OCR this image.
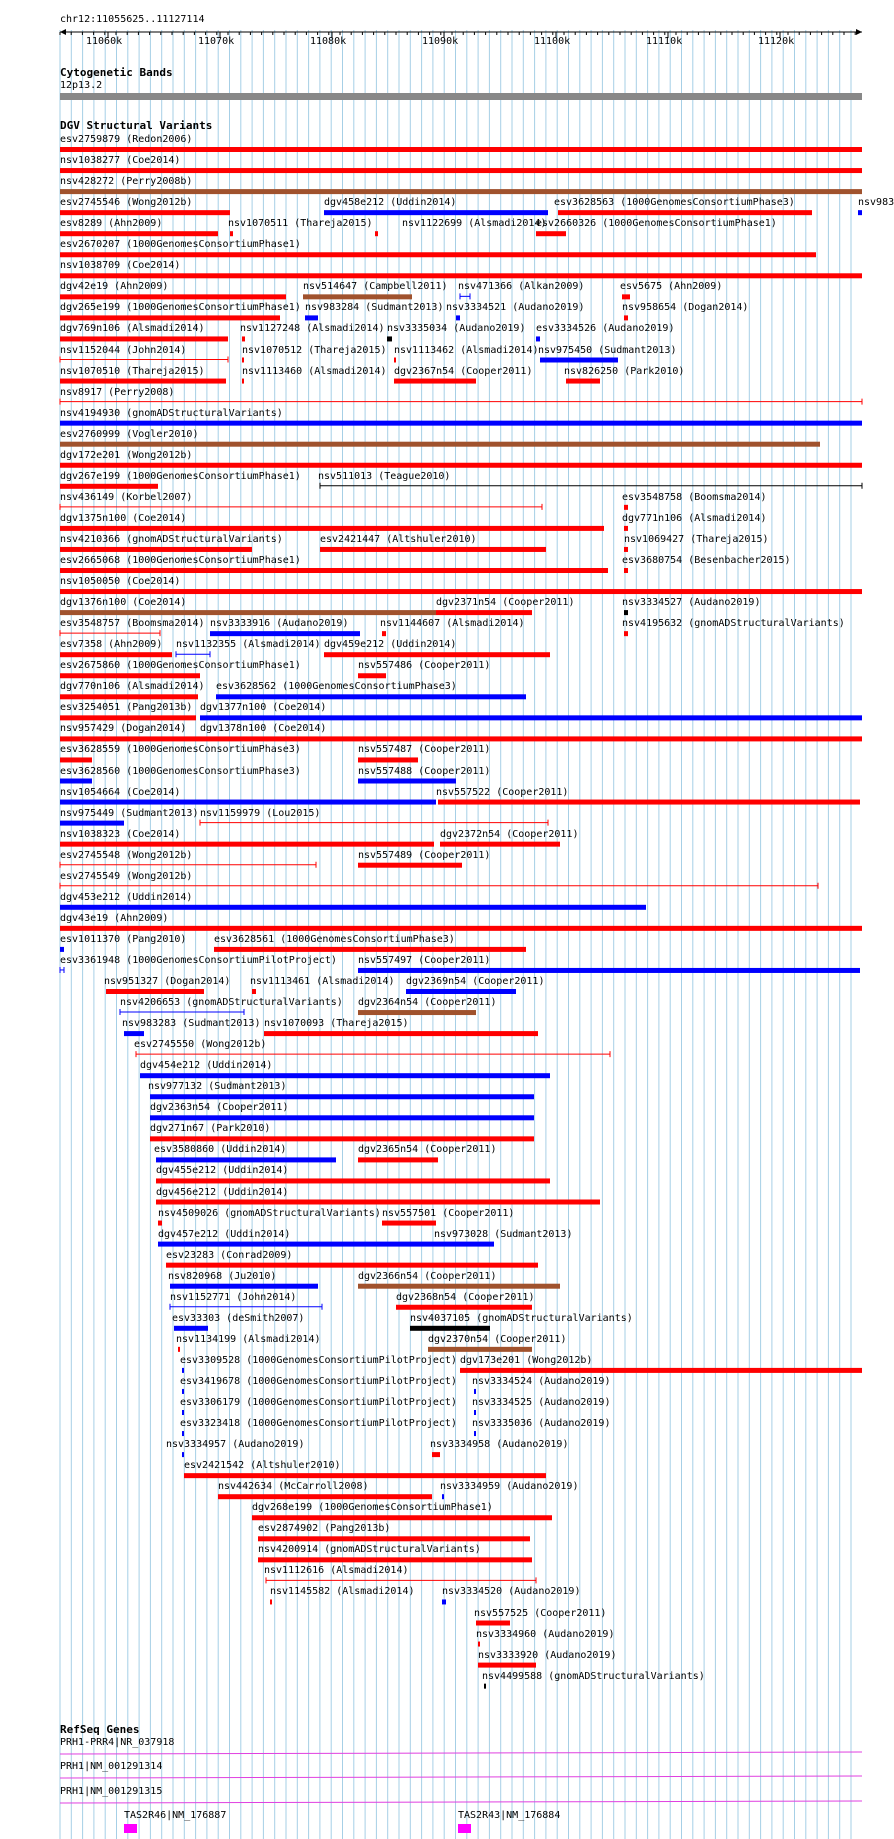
chr12:11055625..11127114
11060k	11070k	11080k	11090k	11100k	11110k	11120k
Cytogenetic Bands
12p13.2
DGV Structural Variants
esv2759879 (Redon2006)
nsv1038277 (Coe2014)
nsv428272 (Perry2008b)
esv2745546 (Wong2012b)	dgv458e212 (Uddin2014)	esv3628563 (1000GenomesConsortiumPhase3)	nsv983
esv8289 (Ahn2009)	nsv1070511 (Thareja2015)	nsv1122699 (Alsmadi2014)
esv2660326 (1000GenomesConsortiumPhase1)
esv2670207 (1000GenomesConsortiumPhase1)
nsv1038709 (Coe2014)
dgv42e19 (Ahn2009)	nsv514647 (Campbell2011) nsv471366 (Alkan2009)	esv5675 (Ahn2009)
dgv265e199 (1000GenomesConsortiumPhase1) nsv983284 (Sudmant2013) nsv3334521 (Audano2019)	nsv958654 (Dogan2014)
dgv769n106 (Alsmadi2014)	nsv1127248 (Alsmadi2014) nsv3335034 (Audano2019) esv3334526 (Audano2019)
nsv1152044 (John2014)	nsv1070512 (Thareja2015) nsv1113462 (Alsmadi2014) nsv975450 (Sudmant2013)
nsv1070510 (Thareja2015)	nsv1113460 (Alsmadi2014) dgv2367n54 (Cooper2011)	nsv826250 (Park2010)
nsv8917 (Perry2008)
nsv4194930 (gnomADStructuralVariants)
esv2760999 (Vogler2010)
dgv172e201 (Wong2012b)
dgv267e199 (1000GenomesConsortiumPhase1) nsv511013 (Teague2010)
nsv436149 (Korbel2007)	esv3548758 (Boomsma2014)
dgv1375n100 (Coe2014)	dgv771n106 (Alsmadi2014)
nsv4210366 (gnomADStructuralVariants)	esv2421447 (Altshuler2010)	nsv1069427 (Thareja2015)
esv2665068 (1000GenomesConsortiumPhase1)	esv3680754 (Besenbacher2015)
nsv1050050 (Coe2014)
dgv1376n100 (Coe2014)	dgv2371n54 (Cooper2011)	nsv3334527 (Audano2019)
esv3548757 (Boomsma2014) nsv3333916 (Audano2019)	nsv1144607 (Alsmadi2014)	nsv4195632 (gnomADStructuralVariants)
esv7358 (Ahn2009) nsv1132355 (Alsmadi2014) dgv459e212 (Uddin2014)
esv2675860 (1000GenomesConsortiumPhase1)	nsv557486 (Cooper2011)
dgv770n106 (Alsmadi2014) esv3628562 (1000GenomesConsortiumPhase3)
esv3254051 (Pang2013b) dgv1377n100 (Coe2014)
nsv957429 (Dogan2014) dgv1378n100 (Coe2014)
esv3628559 (1000GenomesConsortiumPhase3)	nsv557487 (Cooper2011)
esv3628560 (1000GenomesConsortiumPhase3)	nsv557488 (Cooper2011)
nsv1054664 (Coe2014)	nsv557522 (Cooper2011)
nsv975449 (Sudmant2013) nsv1159979 (Lou2015)
nsv1038323 (Coe2014)	dgv2372n54 (Cooper2011)
esv2745548 (Wong2012b)	nsv557489 (Cooper2011)
esv2745549 (Wong2012b)
dgv453e212 (Uddin2014)
dgv43e19 (Ahn2009)
esv1011370 (Pang2010)	esv3628561 (1000GenomesConsortiumPhase3)
esv3361948 (1000GenomesConsortiumPilotProject) nsv557497 (Cooper2011)
nsv951327 (Dogan2014) nsv1113461 (Alsmadi2014) dgv2369n54 (Cooper2011)
nsv4206653 (gnomADStructuralVariants) dgv2364n54 (Cooper2011)
nsv983283 (Sudmant2013) nsv1070093 (Thareja2015)
esv2745550 (Wong2012b)
dgv454e212 (Uddin2014)
nsv977132 (Sudmant2013)
dgv2363n54 (Cooper2011)
dgv271n67 (Park2010)
esv3580860 (Uddin2014)	dgv2365n54 (Cooper2011)
dgv455e212 (Uddin2014)
dgv456e212 (Uddin2014)
nsv4509026 (gnomADStructuralVariants) nsv557501 (Cooper2011)
dgv457e212 (Uddin2014)	nsv973028 (Sudmant2013)
esv23283 (Conrad2009)
nsv820968 (Ju2010)	dgv2366n54 (Cooper2011)
nsv1152771 (John2014)	dgv2368n54 (Cooper2011)
esv33303 (deSmith2007)	nsv4037105 (gnomADStructuralVariants)
nsv1134199 (Alsmadi2014)	dgv2370n54 (Cooper2011)
esv3309528 (1000GenomesConsortiumPilotProject) dgv173e201 (Wong2012b)
esv3419678 (1000GenomesConsortiumPilotProject) nsv3334524 (Audano2019)
esv3306179 (1000GenomesConsortiumPilotProject) nsv3334525 (Audano2019)
esv3323418 (1000GenomesConsortiumPilotProject) nsv3335036 (Audano2019)
nsv3334957 (Audano2019)	nsv3334958 (Audano2019)
esv2421542 (Altshuler2010)
nsv442634 (McCarroll2008)	nsv3334959 (Audano2019)
dgv268e199 (1000GenomesConsortiumPhase1)
esv2874902 (Pang2013b)
nsv4200914 (gnomADStructuralVariants)
nsv1112616 (Alsmadi2014)
nsv1145582 (Alsmadi2014)	nsv3334520 (Audano2019)
nsv557525 (Cooper2011)
nsv3334960 (Audano2019)
nsv3333920 (Audano2019)
nsv4499588 (gnomADStructuralVariants)
RefSeq Genes
PRH1-PRR4|NR_037918
PRH1|NM_001291314
PRH1|NM_001291315
TAS2R46|NM_176887	TAS2R43|NM_176884
